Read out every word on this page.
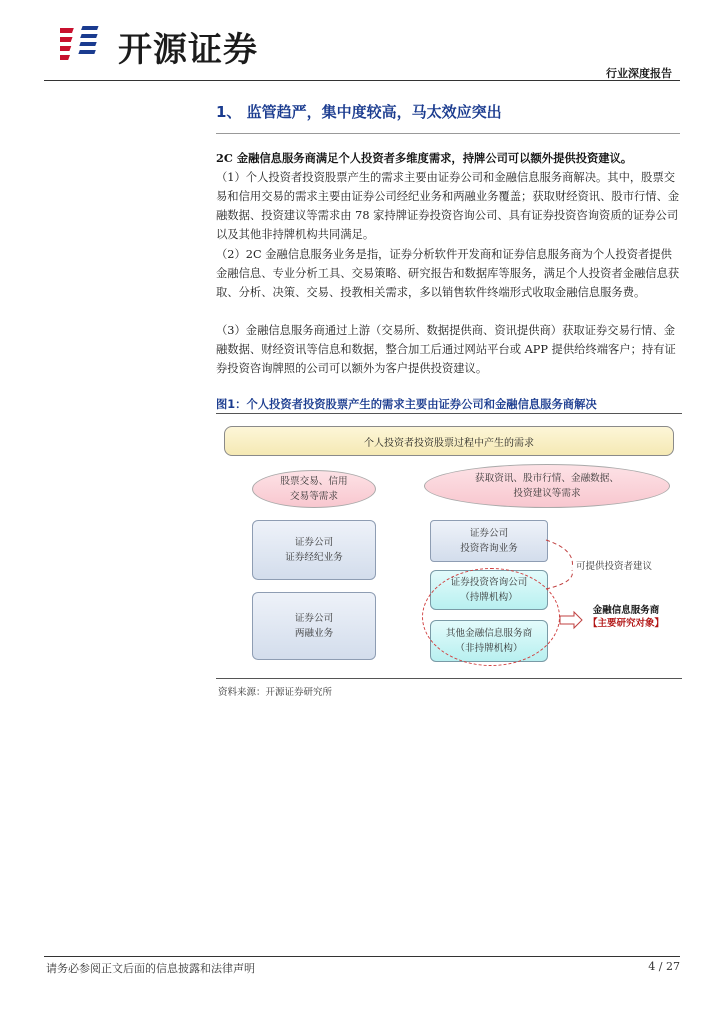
开源证券
行业深度报告
1、 监管趋严，集中度较高，马太效应突出
2C 金融信息服务商满足个人投资者多维度需求，持牌公司可以额外提供投资建议。
（1）个人投资者投资股票产生的需求主要由证券公司和金融信息服务商解决。其中，股票交易和信用交易的需求主要由证券公司经纪业务和两融业务覆盖；获取财经资讯、股市行情、金融数据、投资建议等需求由 78 家持牌证券投资咨询公司、具有证券投资咨询资质的证券公司以及其他非持牌机构共同满足。
（2）2C 金融信息服务业务是指，证券分析软件开发商和证券信息服务商为个人投资者提供金融信息、专业分析工具、交易策略、研究报告和数据库等服务，满足个人投资者金融信息获取、分析、决策、交易、投教相关需求，多以销售软件终端形式收取金融信息服务费。
（3）金融信息服务商通过上游（交易所、数据提供商、资讯提供商）获取证券交易行情、金融数据、财经资讯等信息和数据，整合加工后通过网站平台或 APP 提供给终端客户；持有证券投资咨询牌照的公司可以额外为客户提供投资建议。
图1：个人投资者投资股票产生的需求主要由证券公司和金融信息服务商解决
个人投资者投资股票过程中产生的需求
股票交易、信用
交易等需求
获取资讯、股市行情、金融数据、
投资建议等需求
证券公司
证券经纪业务
证券公司
两融业务
证券公司
投资咨询业务
证券投资咨询公司
（持牌机构）
其他金融信息服务商
（非持牌机构）
可提供投资者建议
金融信息服务商
【主要研究对象】
资料来源：开源证券研究所
请务必参阅正文后面的信息披露和法律声明	4 / 27
